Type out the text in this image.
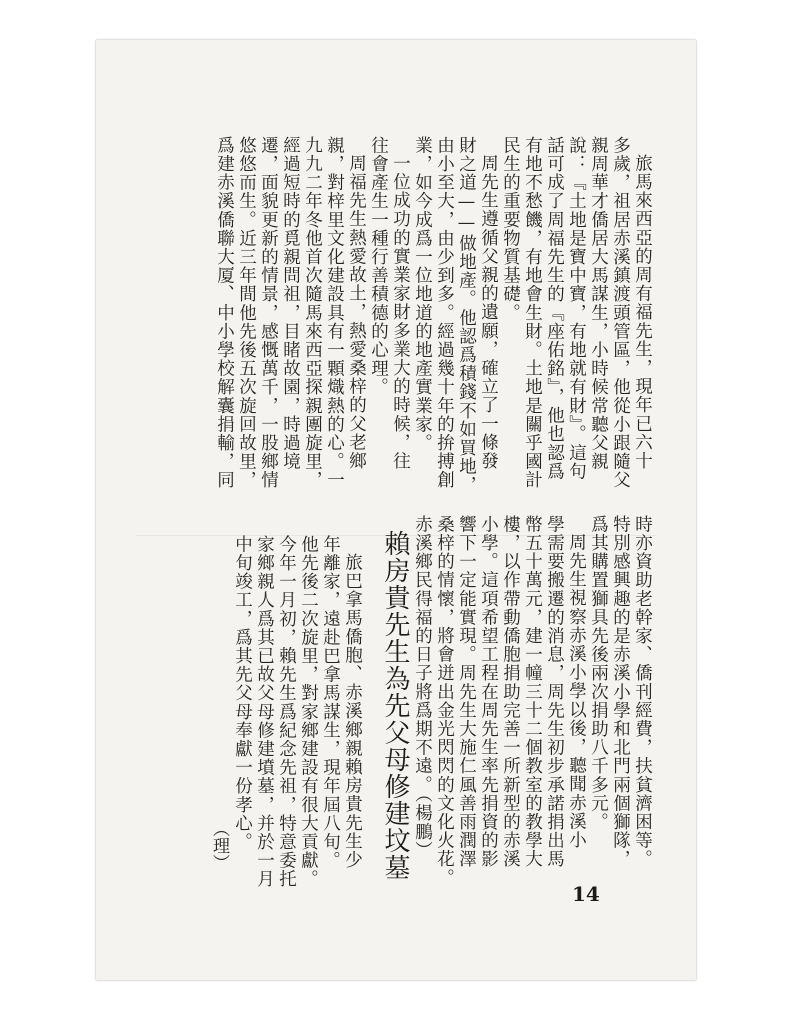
旅馬來西亞的周有福先生，現年已六十
多歲，祖居赤溪鎮渡頭管區，他從小跟隨父
親周華才僑居大馬謀生，小時候常聽父親
說：『土地是寶中寶，有地就有財』。這句
話可成了周福先生的『座佑銘』，他也認爲
有地不愁饑，有地會生財。土地是關乎國計
民生的重要物質基礎。
周先生遵循父親的遺願，確立了一條發
財之道——做地產。他認爲積錢不如買地，
由小至大，由少到多。經過幾十年的拚搏創
業，如今成爲一位地道的地產實業家。
一位成功的實業家財多業大的時候，往
往會產生一種行善積德的心理。
周福先生熱愛故土，熱愛桑梓的父老鄉
親，對梓里文化建設具有一顆熾熱的心。一
九九二年冬他首次隨馬來西亞探親團旋里，
經過短時的覓親問祖，目睹故園，時過境
遷，面貌更新的情景，感慨萬千，一股鄉情
悠悠而生。近三年間他先後五次旋回故里，
爲建赤溪僑聯大厦、中小學校解囊捐輸，同
時亦資助老幹家、僑刊經費，扶貧濟困等。
特別感興趣的是赤溪小學和北門兩個獅隊，
爲其購置獅具先後兩次捐助八千多元。
周先生視察赤溪小學以後，聽聞赤溪小
學需要搬遷的消息，周先生初步承諾捐出馬
幣五十萬元，建一幢三十二個教室的教學大
樓，以作帶動僑胞捐助完善一所新型的赤溪
小學。這項希望工程在周先生率先捐資的影
響下一定能實現。周先生大施仁風善雨潤澤
桑梓的情懷，將會迸出金光閃閃的文化火花。
赤溪鄉民得福的日子將爲期不遠。（楊鵬）
賴房貴先生為先父母修建坟墓
旅巴拿馬僑胞、赤溪鄉親賴房貴先生少
年離家，遠赴巴拿馬謀生，現年屆八旬。
他先後二次旋里，對家鄉建設有很大貢獻。
今年一月初，賴先生爲紀念先祖，特意委托
家鄉親人爲其已故父母修建墳墓，并於一月
中旬竣工，爲其先父母奉獻一份孝心。
（理）
14
